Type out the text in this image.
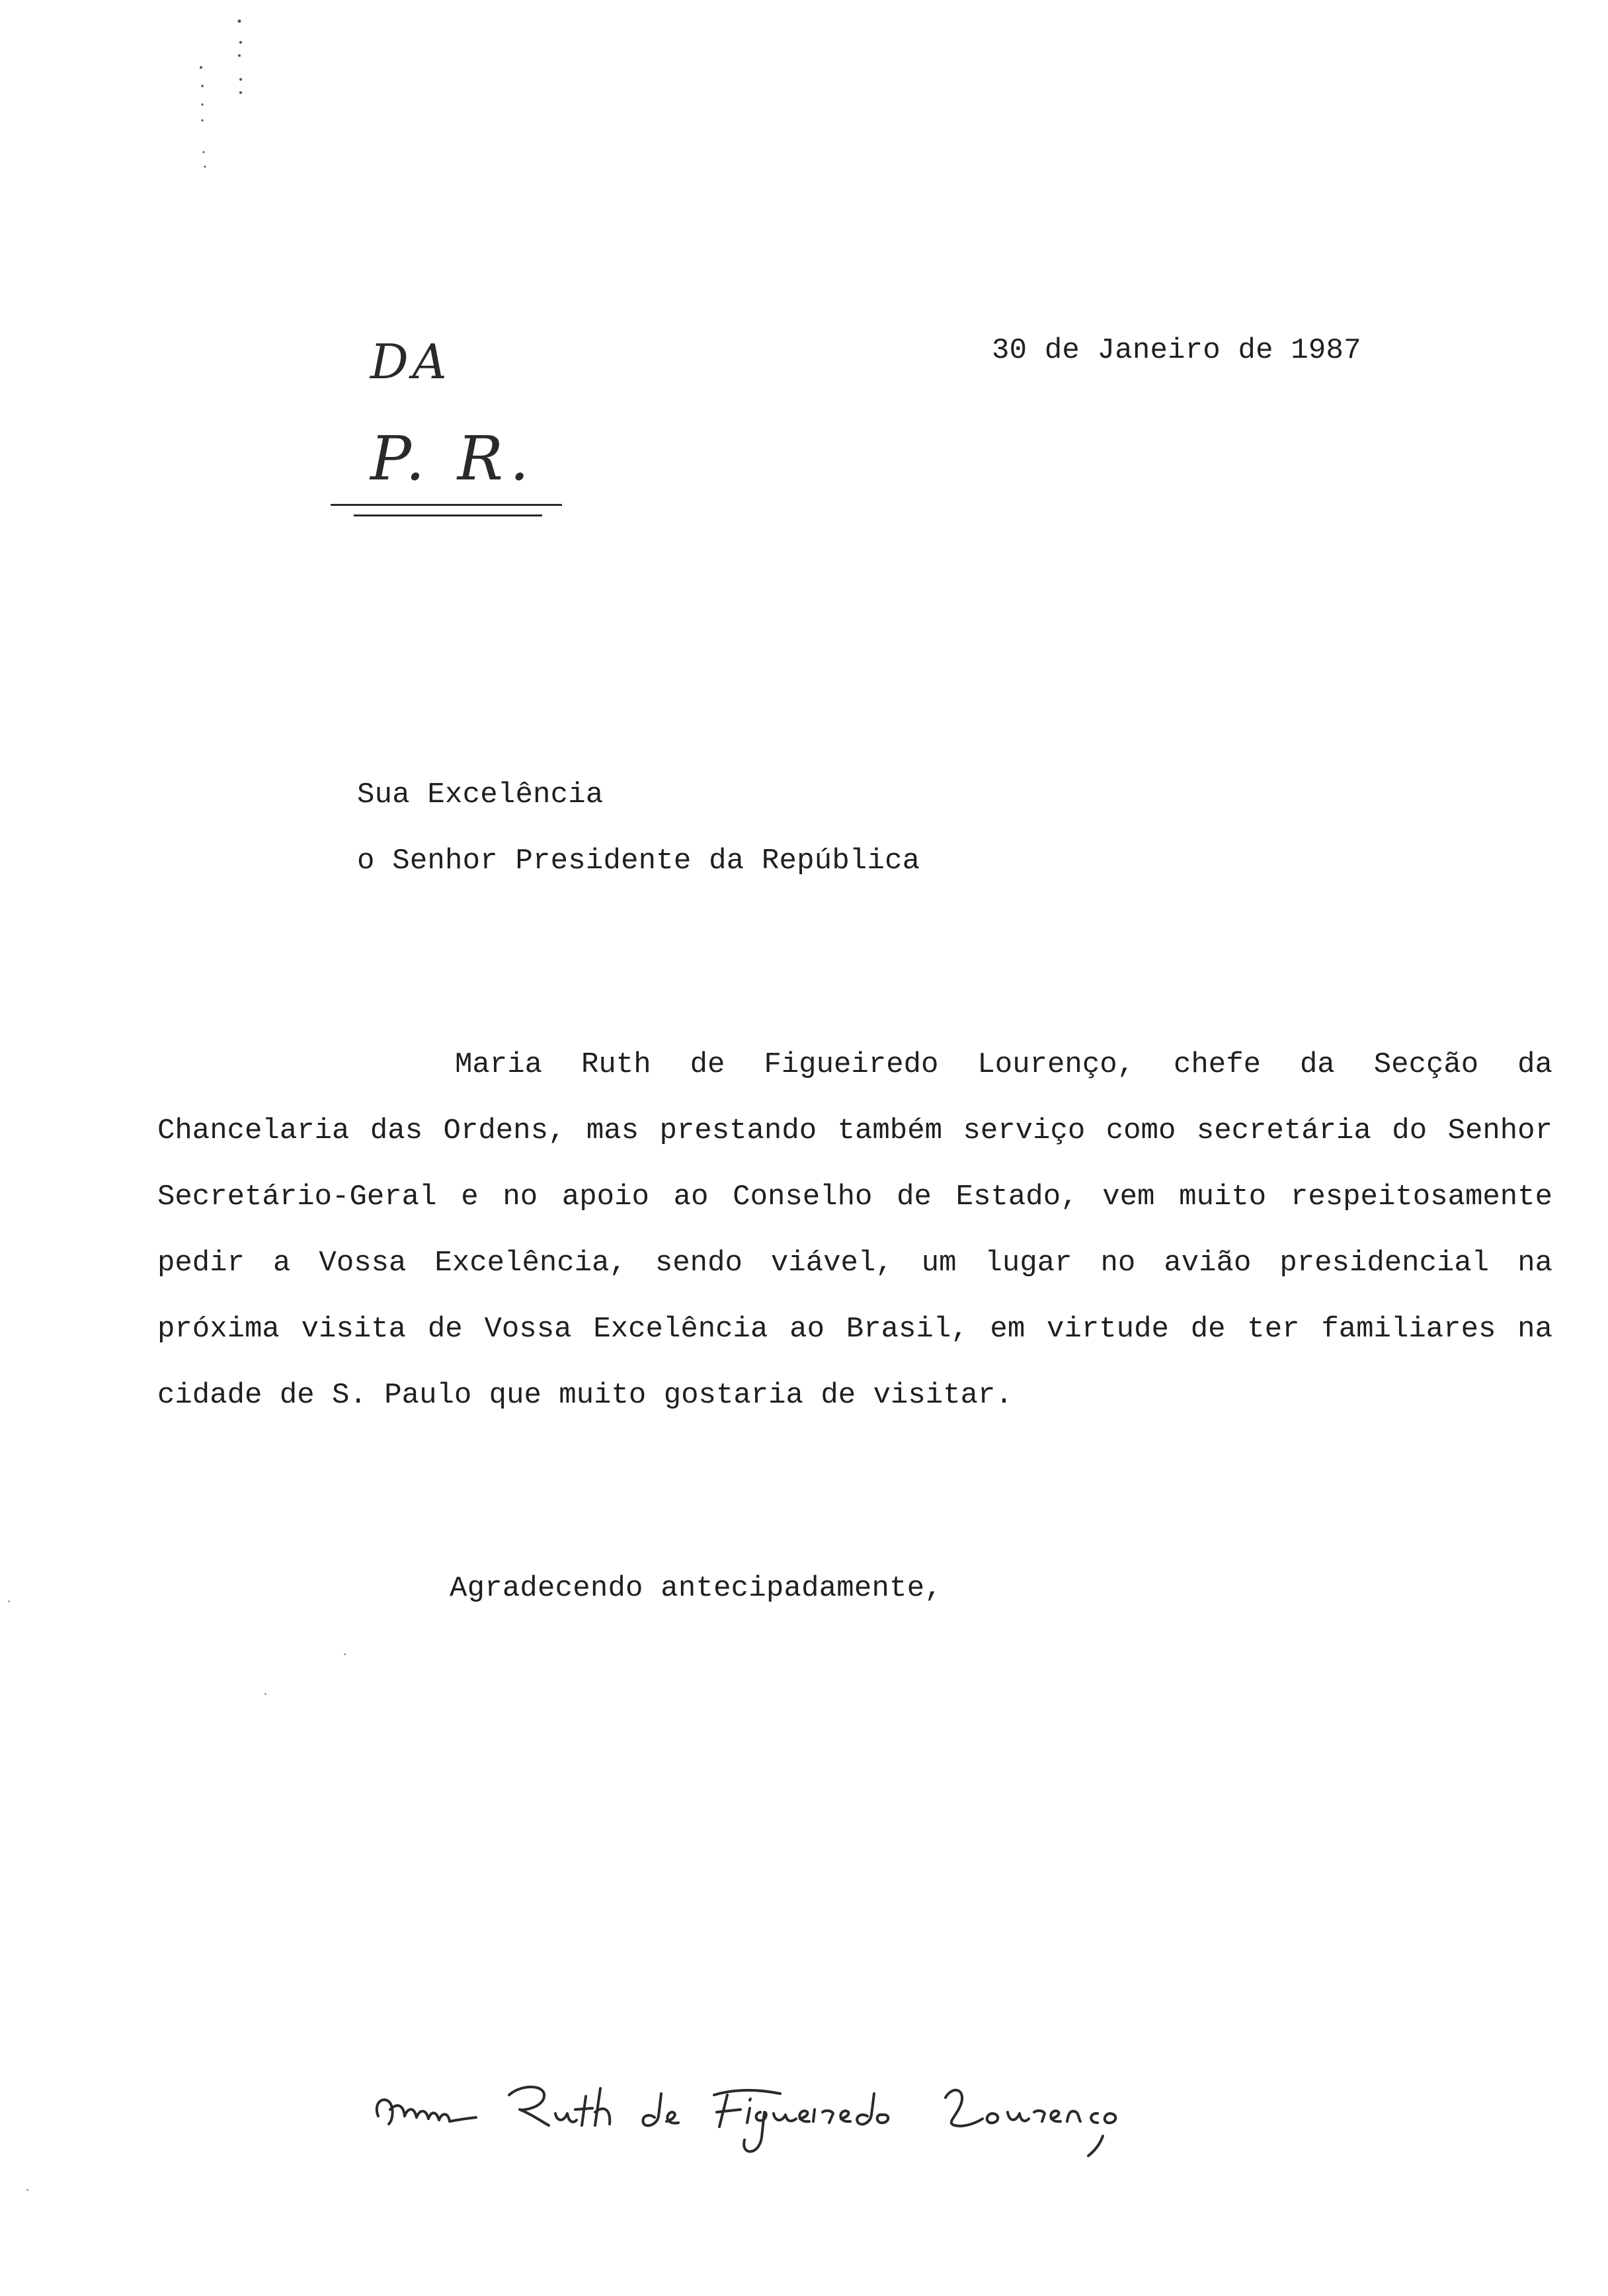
DA
P. R.
30 de Janeiro de 1987
Sua Excelência
o Senhor Presidente da República

Maria Ruth de Figueiredo Lourenço, chefe da Secção da Chancelaria das Ordens, mas prestando também serviço como secretária do Senhor Secretário-Geral e no apoio ao Conselho de Estado, vem muito respeitosamente pedir a Vossa Excelência, sendo viável, um lugar no avião presidencial na próxima visita de Vossa Excelência ao Brasil, em virtude de ter familiares na cidade de S. Paulo que muito gostaria de visitar.

Agradecendo antecipadamente,
